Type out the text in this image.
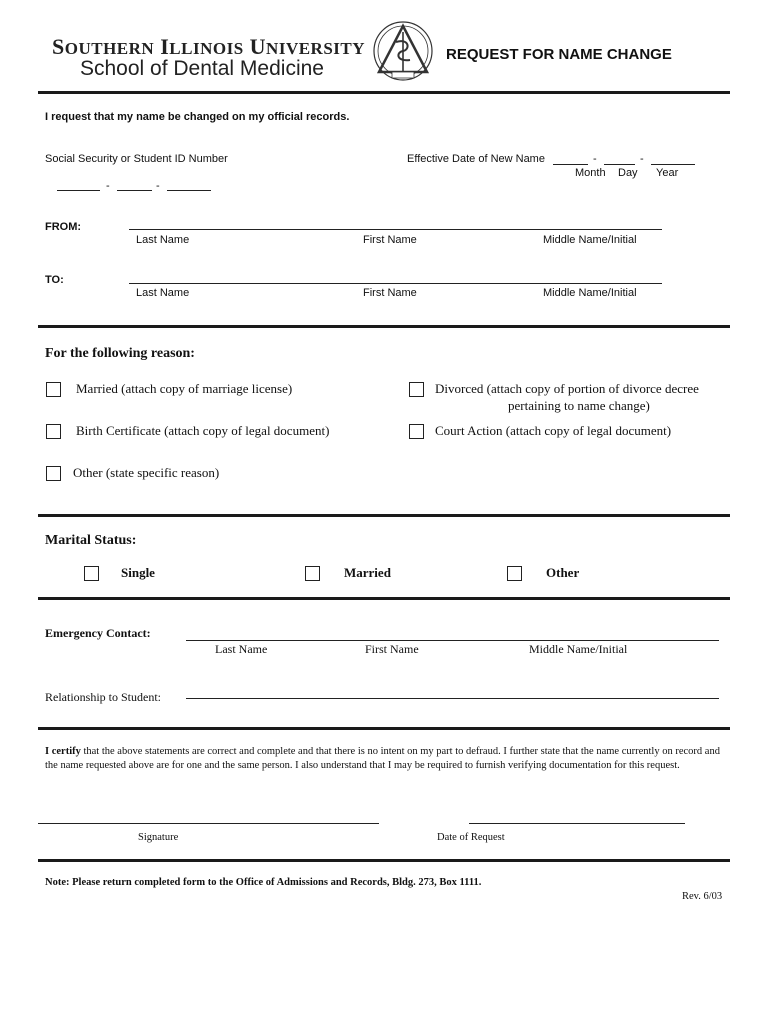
SOUTHERN ILLINOIS UNIVERSITY
School of Dental Medicine
REQUEST FOR NAME CHANGE
I request that my name be changed on my official records.
Social Security or Student ID Number
-	-
Effective Date of New Name	-	-
Month Day Year
FROM:
Last Name	First Name	Middle Name/Initial
TO:
Last Name	First Name	Middle Name/Initial
For the following reason:
Married (attach copy of marriage license)	Divorced (attach copy of portion of divorce decree
pertaining to name change)
Birth Certificate (attach copy of legal document)	Court Action (attach copy of legal document)
Other (state specific reason)
Marital Status:
Single	Married	Other
Emergency Contact:
Last Name	First Name	Middle Name/Initial
Relationship to Student:
I certify that the above statements are correct and complete and that there is no intent on my part to defraud. I further state that the name currently on record and the name requested above are for one and the same person. I also understand that I may be required to furnish verifying documentation for this request.
Signature	Date of Request
Note: Please return completed form to the Office of Admissions and Records, Bldg. 273, Box 1111.
Rev. 6/03
